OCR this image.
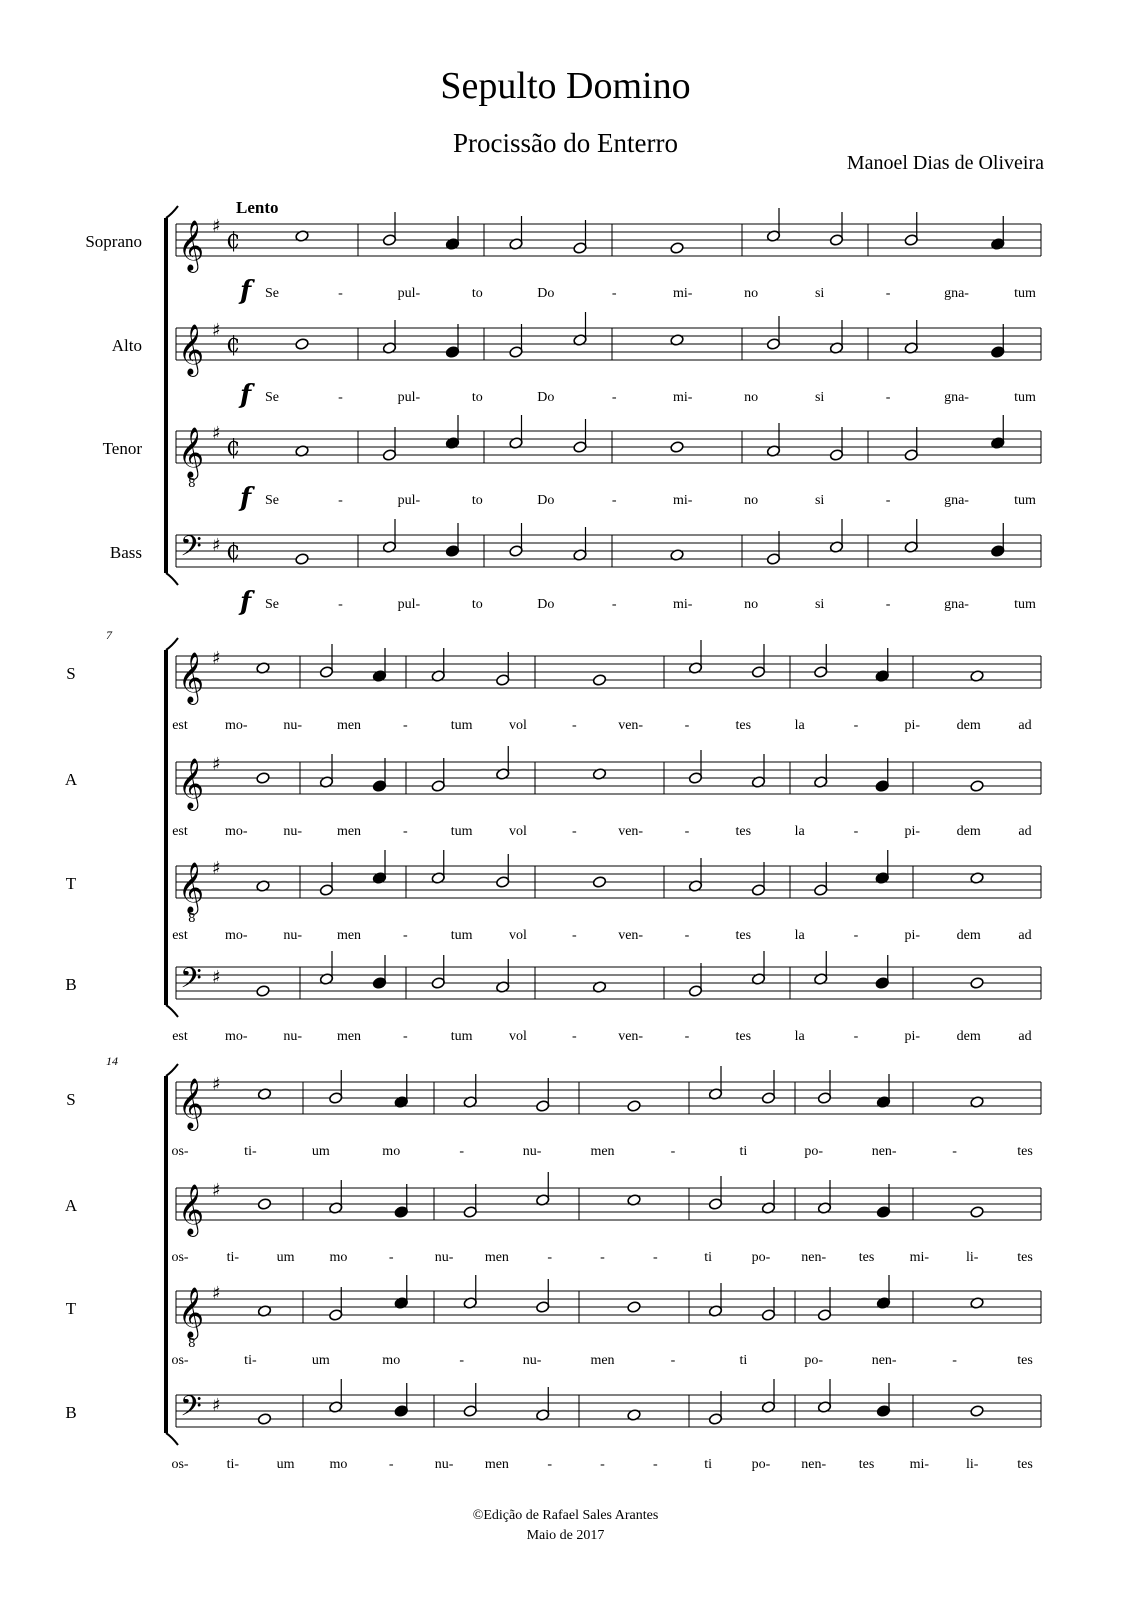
Sepulto Domino
Procissão do Enterro
Manoel Dias de Oliveira
Lento
𝄞 ♯
₵
𝄞 ♯
₵
𝄞
8
♯
₵
𝄢 ♯ ₵
𝄞 ♯
𝄞 ♯
𝄞
8
♯
𝄢 ♯
𝄞 ♯
𝄞 ♯
𝄞
8
♯
𝄢 ♯
Soprano
f Se	-	pul-	to	Do	-	mi-	no	si	-	gna-	tum
Alto
f Se	-	pul-	to	Do	-	mi-	no	si	-	gna-	tum
Tenor
f Se	-	pul-	to	Do	-	mi-	no	si	-	gna-	tum
Bass
f Se	-	pul-	to	Do	-	mi-	no	si	-	gna-	tum
7
S
est	mo-	nu- men	-	tum	vol	-	ven-	-	tes	la	-	pi-	dem	ad
A
est	mo-	nu- men	-	tum	vol	-	ven-	-	tes	la	-	pi-	dem	ad
T
est	mo-	nu- men	-	tum	vol	-	ven-	-	tes	la	-	pi-	dem	ad
B
est	mo-	nu- men	-	tum	vol	-	ven-	-	tes	la	-	pi-	dem	ad
14
S
os-	ti-	um	mo	-	nu-	men	-	ti	po-	nen-	-	tes
A
os-	ti-	um mo	-	nu- men	-	-	-	ti	po- nen- tes	mi-	li-	tes
T
os-	ti-	um	mo	-	nu-	men	-	ti	po-	nen-	-	tes
B
os-	ti-	um mo	-	nu- men	-	-	-	ti	po- nen- tes	mi-	li-	tes
©Edição de Rafael Sales Arantes
Maio de 2017
